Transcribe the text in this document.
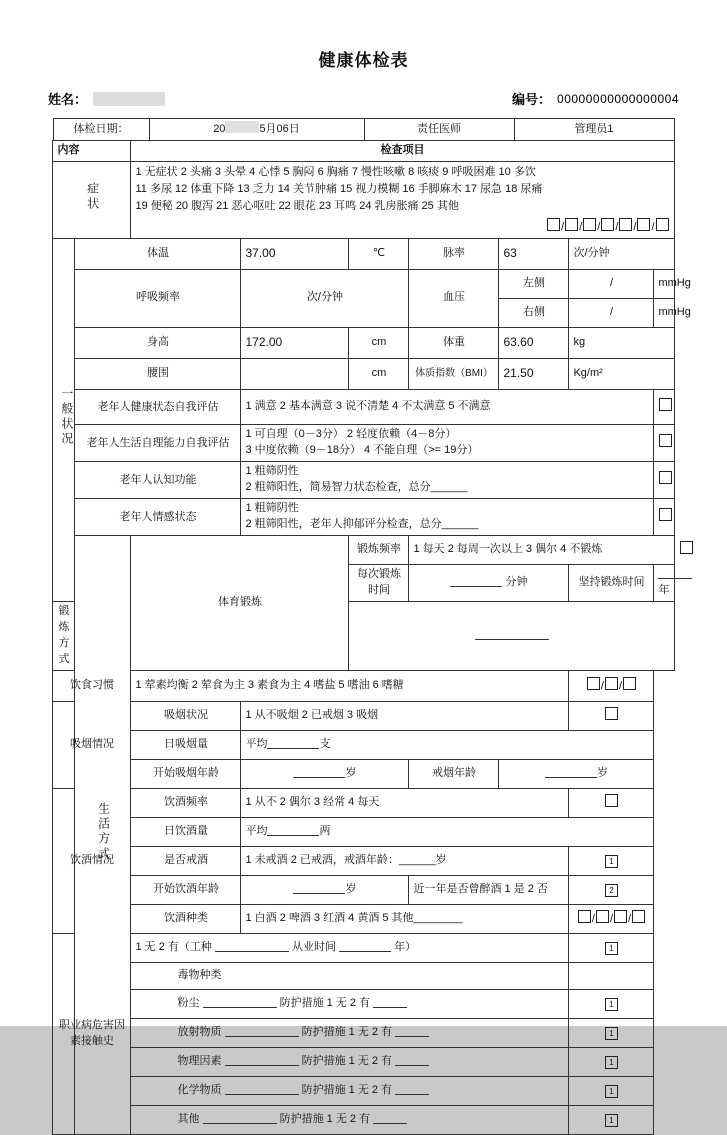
健康体检表
姓名：	编号： 00000000000000004
体检日期：	20	5月06日	责任医师	管理员1
内容		检查项目							
症状		1 无症状 2 头痛 3 头晕 4 心悸 5 胸闷 6 胸痛 7 慢性咳嗽 8 咳痰 9 呼吸困难 10 多饮
11 多尿 12 体重下降 13 乏力 14 关节肿痛 15 视力模糊 16 手脚麻木 17 尿急 18 尿痛
19 便秘 20 腹泻 21 恶心呕吐 22 眼花 23 耳鸣 24 乳房胀痛 25 其他
/ / / / / /							

一般状况	体温		37.00	℃	脉率	63	次/分钟		
	呼吸频率		次/分钟		血压	左侧	/	mmHg	
						右侧	/	mmHg	
	身高		172.00	cm	体重	63.60	kg		
	腰围			cm	体质指数（BMI）	21.50	Kg/m²		

	老年人健康状态自我评估		1 满意 2 基本满意 3 说不清楚 4 不太满意 5 不满意						

	老年人生活自理能力自我评估		1 可自理（0－3分） 2 轻度依赖（4－8分）
3 中度依赖（9－18分） 4 不能自理（>= 19分）						

	老年人认知功能		1 粗筛阴性
2 粗筛阳性，简易智力状态检查，总分______						

	老年人情感状态		1 粗筛阴性
2 粗筛阳性，老年人抑郁评分检查，总分______						

	生活方式	体育锻炼		锻炼频率	1 每天 2 每周一次以上 3 偶尔 4 不锻炼				
				每次锻炼时间	分钟		坚持锻炼时间	年	
锻炼方式									
饮食习惯		1 荤素均衡 2 荤食为主 3 素食为主 4 嗜盐 5 嗜油 6 嗜糖					/ /		
吸烟情况		吸烟状况	1 从不吸烟 2 已戒烟 3 吸烟						
		日吸烟量	平均 支						
		开始吸烟年龄	岁		戒烟年龄	岁			
饮酒情况		饮酒频率	1 从不 2 偶尔 3 经常 4 每天						
		日饮酒量	平均 两						
		是否戒酒	1 未戒酒 2 已戒酒，戒酒年龄：______岁				1		
		开始饮酒年龄	岁		近一年是否曾醉酒 1 是 2 否		2		
		饮酒种类	1 白酒 2 啤酒 3 红酒 4 黄酒 5 其他________				/ / /		

职业病危害因素接触史		1 无 2 有（工种 从业时间 年）					1		
		毒物种类							
		粉尘 防护措施 1 无 2 有					1		
		放射物质 防护措施 1 无 2 有					1		
		物理因素 防护措施 1 无 2 有					1		
		化学物质 防护措施 1 无 2 有					1		
		其他 防护措施 1 无 2 有					1		
